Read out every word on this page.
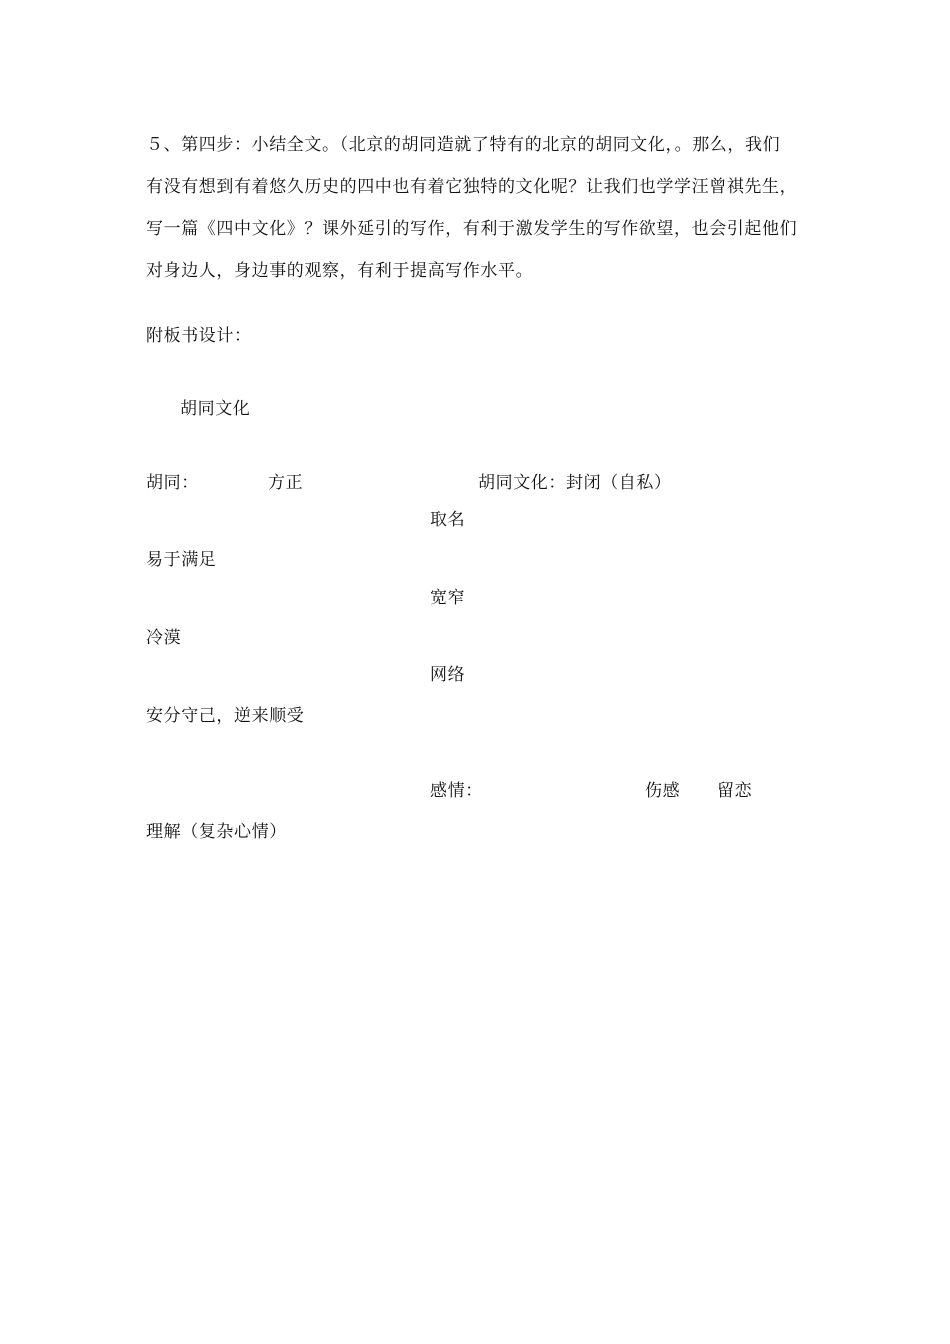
５、第四步：小结全文。（北京的胡同造就了特有的北京的胡同文化，。那么，我们
有没有想到有着悠久历史的四中也有着它独特的文化呢？让我们也学学汪曾祺先生，
写一篇《四中文化》？课外延引的写作，有利于激发学生的写作欲望，也会引起他们
对身边人，身边事的观察，有利于提高写作水平。
附板书设计：
胡同文化
胡同：	方正	胡同文化：封闭（自私）
取名
易于满足
宽窄
冷漠
网络
安分守己，逆来顺受
感情：	伤感 留恋
理解（复杂心情）
